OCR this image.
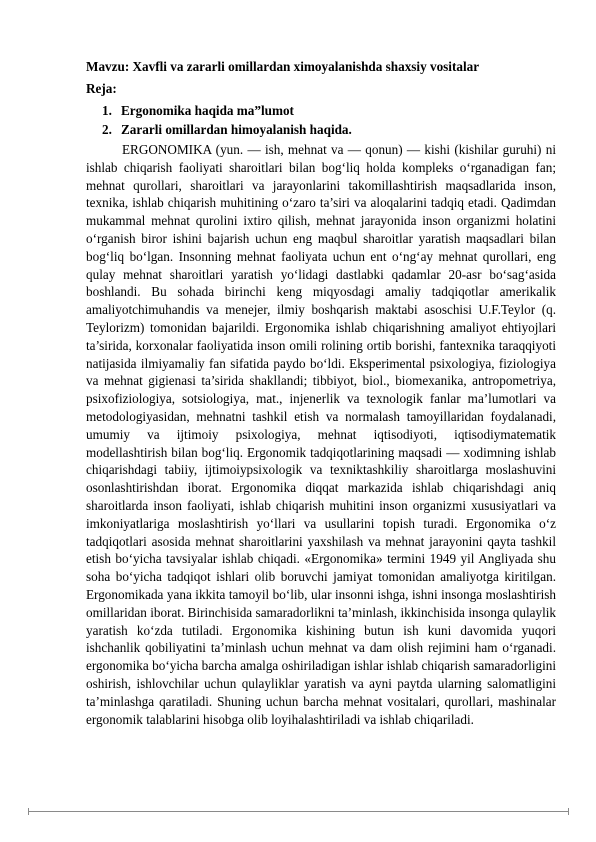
Mavzu: Xavfli va zararli omillardan ximoyalanishda shaxsiy vositalar

Reja:

1. Ergonomika haqida ma”lumot
2. Zararli omillardan himoyalanish haqida.

ERGONOMIKA (yun. — ish, mehnat va — qonun) — kishi (kishilar guruhi) ni ishlab chiqarish faoliyati sharoitlari bilan bog‘liq holda kompleks o‘rganadigan fan; mehnat qurollari, sharoitlari va jarayonlarini takomillashtirish maqsadlarida inson, texnika, ishlab chiqarish muhitining o‘zaro ta’siri va aloqalarini tadqiq etadi. Qadimdan mukammal mehnat qurolini ixtiro qilish, mehnat jarayonida inson organizmi holatini o‘rganish biror ishini bajarish uchun eng maqbul sharoitlar yaratish maqsadlari bilan bog‘liq bo‘lgan. Insonning mehnat faoliyata uchun ent o‘ng‘ay mehnat qurollari, eng qulay mehnat sharoitlari yaratish yo‘lidagi dastlabki qadamlar 20-asr bo‘sag‘asida boshlandi. Bu sohada birinchi keng miqyosdagi amaliy tadqiqotlar amerikalik amaliyotchimuhandis va menejer, ilmiy boshqarish maktabi asoschisi U.F.Teylor (q. Teylorizm) tomonidan bajarildi. Ergonomika ishlab chiqarishning amaliyot ehtiyojlari ta’sirida, korxonalar faoliyatida inson omili rolining ortib borishi, fantexnika taraqqiyoti natijasida ilmiyamaliy fan sifatida paydo bo‘ldi. Eksperimental psixologiya, fiziologiya va mehnat gigienasi ta’sirida shakllandi; tibbiyot, biol., biomexanika, antropometriya, psixofiziologiya, sotsiologiya, mat., injenerlik va texnologik fanlar ma’lumotlari va metodologiyasidan, mehnatni tashkil etish va normalash tamoyillaridan foydalanadi, umumiy va ijtimoiy psixologiya, mehnat iqtisodiyoti, iqtisodiymatematik modellashtirish bilan bog‘liq. Ergonomik tadqiqotlarining maqsadi — xodimning ishlab chiqarishdagi tabiiy, ijtimoiypsixologik va texniktashkiliy sharoitlarga moslashuvini osonlashtirishdan iborat. Ergonomika diqqat markazida ishlab chiqarishdagi aniq sharoitlarda inson faoliyati, ishlab chiqarish muhitini inson organizmi xususiyatlari va imkoniyatlariga moslashtirish yo‘llari va usullarini topish turadi. Ergonomika o‘z tadqiqotlari asosida mehnat sharoitlarini yaxshilash va mehnat jarayonini qayta tashkil etish bo‘yicha tavsiyalar ishlab chiqadi. «Ergonomika» termini 1949 yil Angliyada shu soha bo‘yicha tadqiqot ishlari olib boruvchi jamiyat tomonidan amaliyotga kiritilgan. Ergonomikada yana ikkita tamoyil bo‘lib, ular insonni ishga, ishni insonga moslashtirish omillaridan iborat. Birinchisida samaradorlikni ta’minlash, ikkinchisida insonga qulaylik yaratish ko‘zda tutiladi. Ergonomika kishining butun ish kuni davomida yuqori ishchanlik qobiliyatini ta’minlash uchun mehnat va dam olish rejimini ham o‘rganadi. ergonomika bo‘yicha barcha amalga oshiriladigan ishlar ishlab chiqarish samaradorligini oshirish, ishlovchilar uchun qulayliklar yaratish va ayni paytda ularning salomatligini ta’minlashga qaratiladi. Shuning uchun barcha mehnat vositalari, qurollari, mashinalar ergonomik talablarini hisobga olib loyihalashtiriladi va ishlab chiqariladi.
